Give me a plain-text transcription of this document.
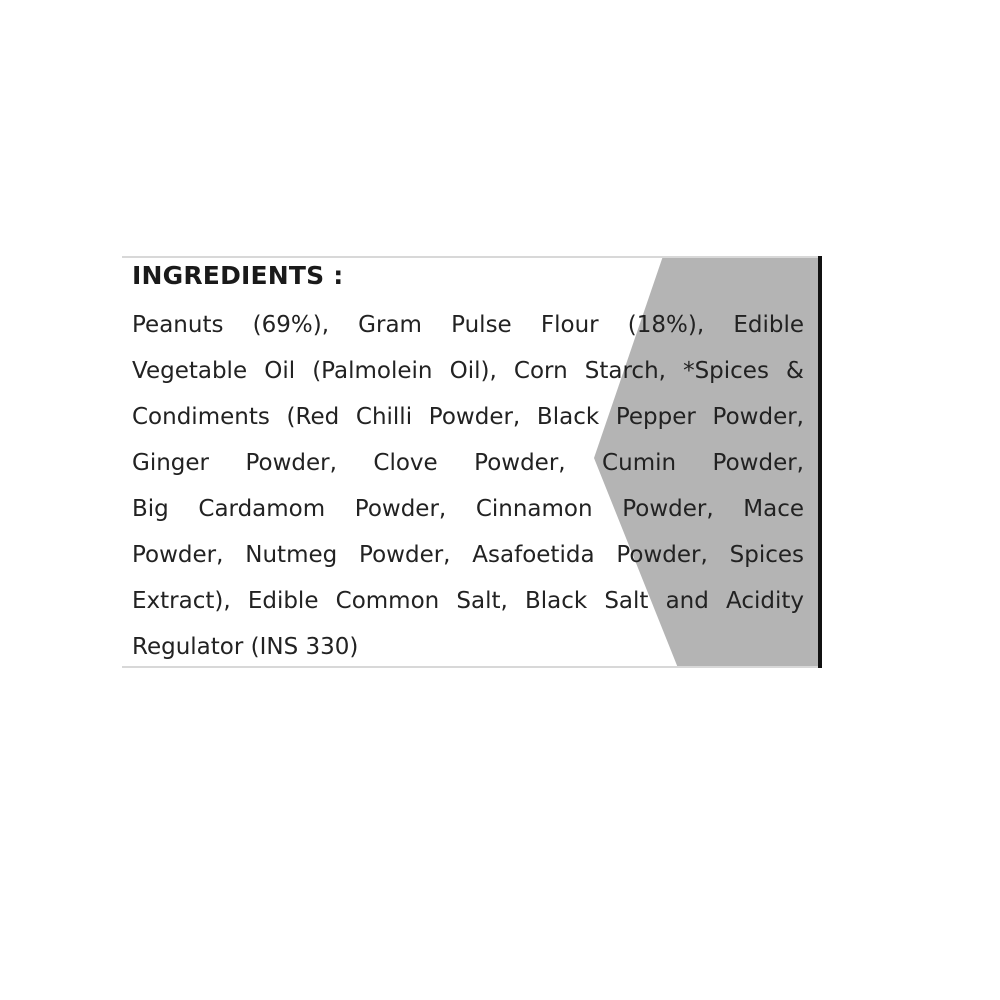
INGREDIENTS :
Peanuts (69%), Gram Pulse Flour (18%), Edible
Vegetable Oil (Palmolein Oil), Corn Starch, *Spices &
Condiments (Red Chilli Powder, Black Pepper Powder,
Ginger Powder, Clove Powder, Cumin Powder,
Big Cardamom Powder, Cinnamon Powder, Mace
Powder, Nutmeg Powder, Asafoetida Powder, Spices
Extract), Edible Common Salt, Black Salt and Acidity
Regulator (INS 330)
